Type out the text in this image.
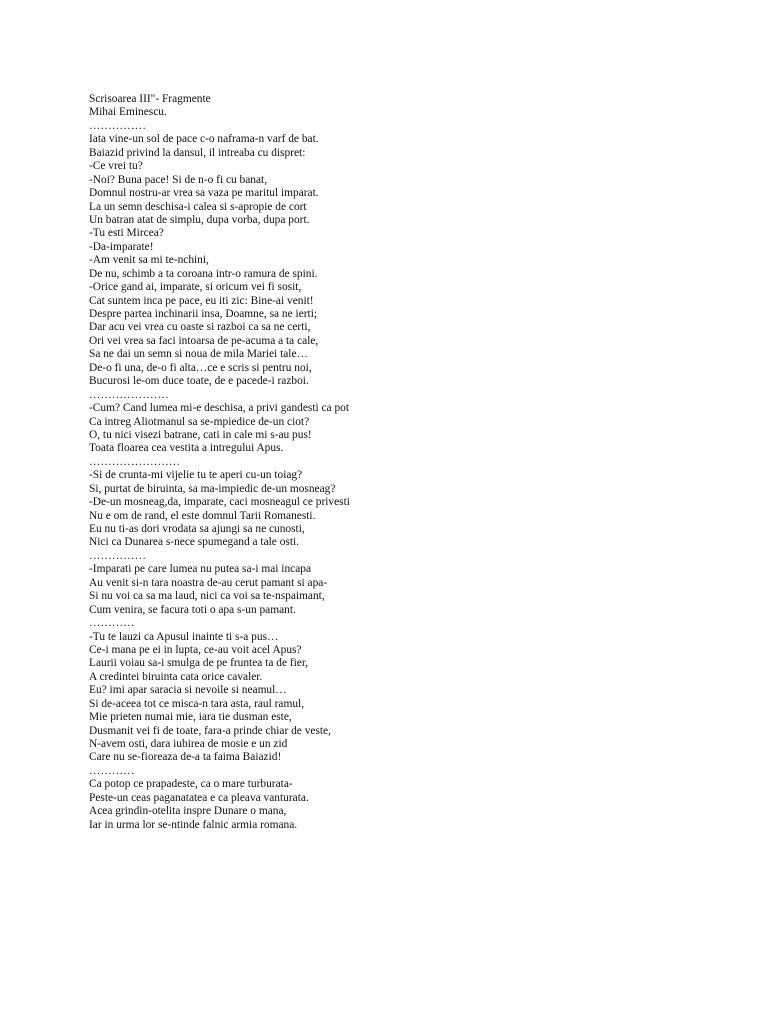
Scrisoarea III"- Fragmente
Mihai Eminescu.
……………
Iata vine-un sol de pace c-o naframa-n varf de bat.
Baiazid privind la dansul, il intreaba cu dispret:
-Ce vrei tu?
-Noi? Buna pace! Si de n-o fi cu banat,
Domnul nostru-ar vrea sa vaza pe maritul imparat.
La un semn deschisa-i calea si s-apropie de cort
Un batran atat de simplu, dupa vorba, dupa port.
-Tu esti Mircea?
-Da-imparate!
-Am venit sa mi te-nchini,
De nu, schimb a ta coroana intr-o ramura de spini.
-Orice gand ai, imparate, si oricum vei fi sosit,
Cat suntem inca pe pace, eu iti zic: Bine-ai venit!
Despre partea inchinarii insa, Doamne, sa ne ierti;
Dar acu vei vrea cu oaste si razboi ca sa ne certi,
Ori vei vrea sa faci intoarsa de pe-acuma a ta cale,
Sa ne dai un semn si noua de mila Mariei tale…
De-o fi una, de-o fi alta…ce e scris si pentru noi,
Bucurosi le-om duce toate, de e pacede-i razboi.
…………………
-Cum? Cand lumea mi-e deschisa, a privi gandesti ca pot
Ca intreg Aliotmanul sa se-mpiedice de-un ciot?
O, tu nici visezi batrane, cati in cale mi s-au pus!
Toata floarea cea vestita a intregului Apus.
……………………
-Si de crunta-mi vijelie tu te aperi cu-un toiag?
Si, purtat de biruinta, sa ma-impiedic de-un mosneag?
-De-un mosneag,da, imparate, caci mosneagul ce privesti
Nu e om de rand, el este domnul Tarii Romanesti.
Eu nu ti-as dori vrodata sa ajungi sa ne cunosti,
Nici ca Dunarea s-nece spumegand a tale osti.
……………
-Imparati pe care lumea nu putea sa-i mai incapa
Au venit si-n tara noastra de-au cerut pamant si apa-
Si nu voi ca sa ma laud, nici ca voi sa te-nspaimant,
Cum venira, se facura toti o apa s-un pamant.
…………
-Tu te lauzi ca Apusul inainte ti s-a pus…
Ce-i mana pe ei in lupta, ce-au voit acel Apus?
Laurii voiau sa-i smulga de pe fruntea ta de fier,
A credintei biruinta cata orice cavaler.
Eu? imi apar saracia si nevoile si neamul…
Si de-aceea tot ce misca-n tara asta, raul ramul,
Mie prieten numai mie, iara tie dusman este,
Dusmanit vei fi de toate, fara-a prinde chiar de veste,
N-avem osti, dara iubirea de mosie e un zid
Care nu se-fioreaza de-a ta faima Baiazid!
…………
Ca potop ce prapadeste, ca o mare turburata-
Peste-un ceas paganatatea e ca pleava vanturata.
Acea grindin-otelita inspre Dunare o mana,
Iar in urma lor se-ntinde falnic armia romana.
